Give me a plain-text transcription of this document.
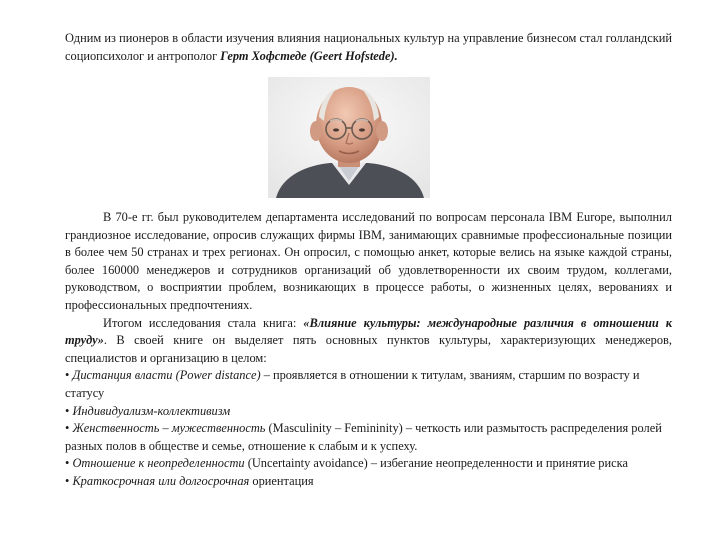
Одним из пионеров в области изучения влияния национальных культур на управление бизнесом стал голландский социопсихолог и антрополог Герт Хофстеде (Geert Hofstede).

В 70-е гг. был руководителем департамента исследований по вопросам персонала IBM Europe, выполнил грандиозное исследование, опросив служащих фирмы IBM, занимающих сравнимые профессиональные позиции в более чем 50 странах и трех регионах. Он опросил, с помощью анкет, которые велись на языке каждой страны, более 160000 менеджеров и сотрудников организаций об удовлетворенности их своим трудом, коллегами, руководством, о восприятии проблем, возникающих в процессе работы, о жизненных целях, верованиях и профессиональных предпочтениях.

Итогом исследования стала книга: «Влияние культуры: международные различия в отношении к труду». В своей книге он выделяет пять основных пунктов культуры, характеризующих менеджеров, специалистов и организацию в целом:

• Дистанция власти (Power distance) – проявляется в отношении к титулам, званиям, старшим по возрасту и статусу

• Индивидуализм-коллективизм

• Женственность – мужественность (Masculinity – Femininity) – четкость или размытость распределения ролей разных полов в обществе и семье, отношение к слабым и к успеху.

• Отношение к неопределенности (Uncertainty avoidance) – избегание неопределенности и принятие риска

• Краткосрочная или долгосрочная ориентация
